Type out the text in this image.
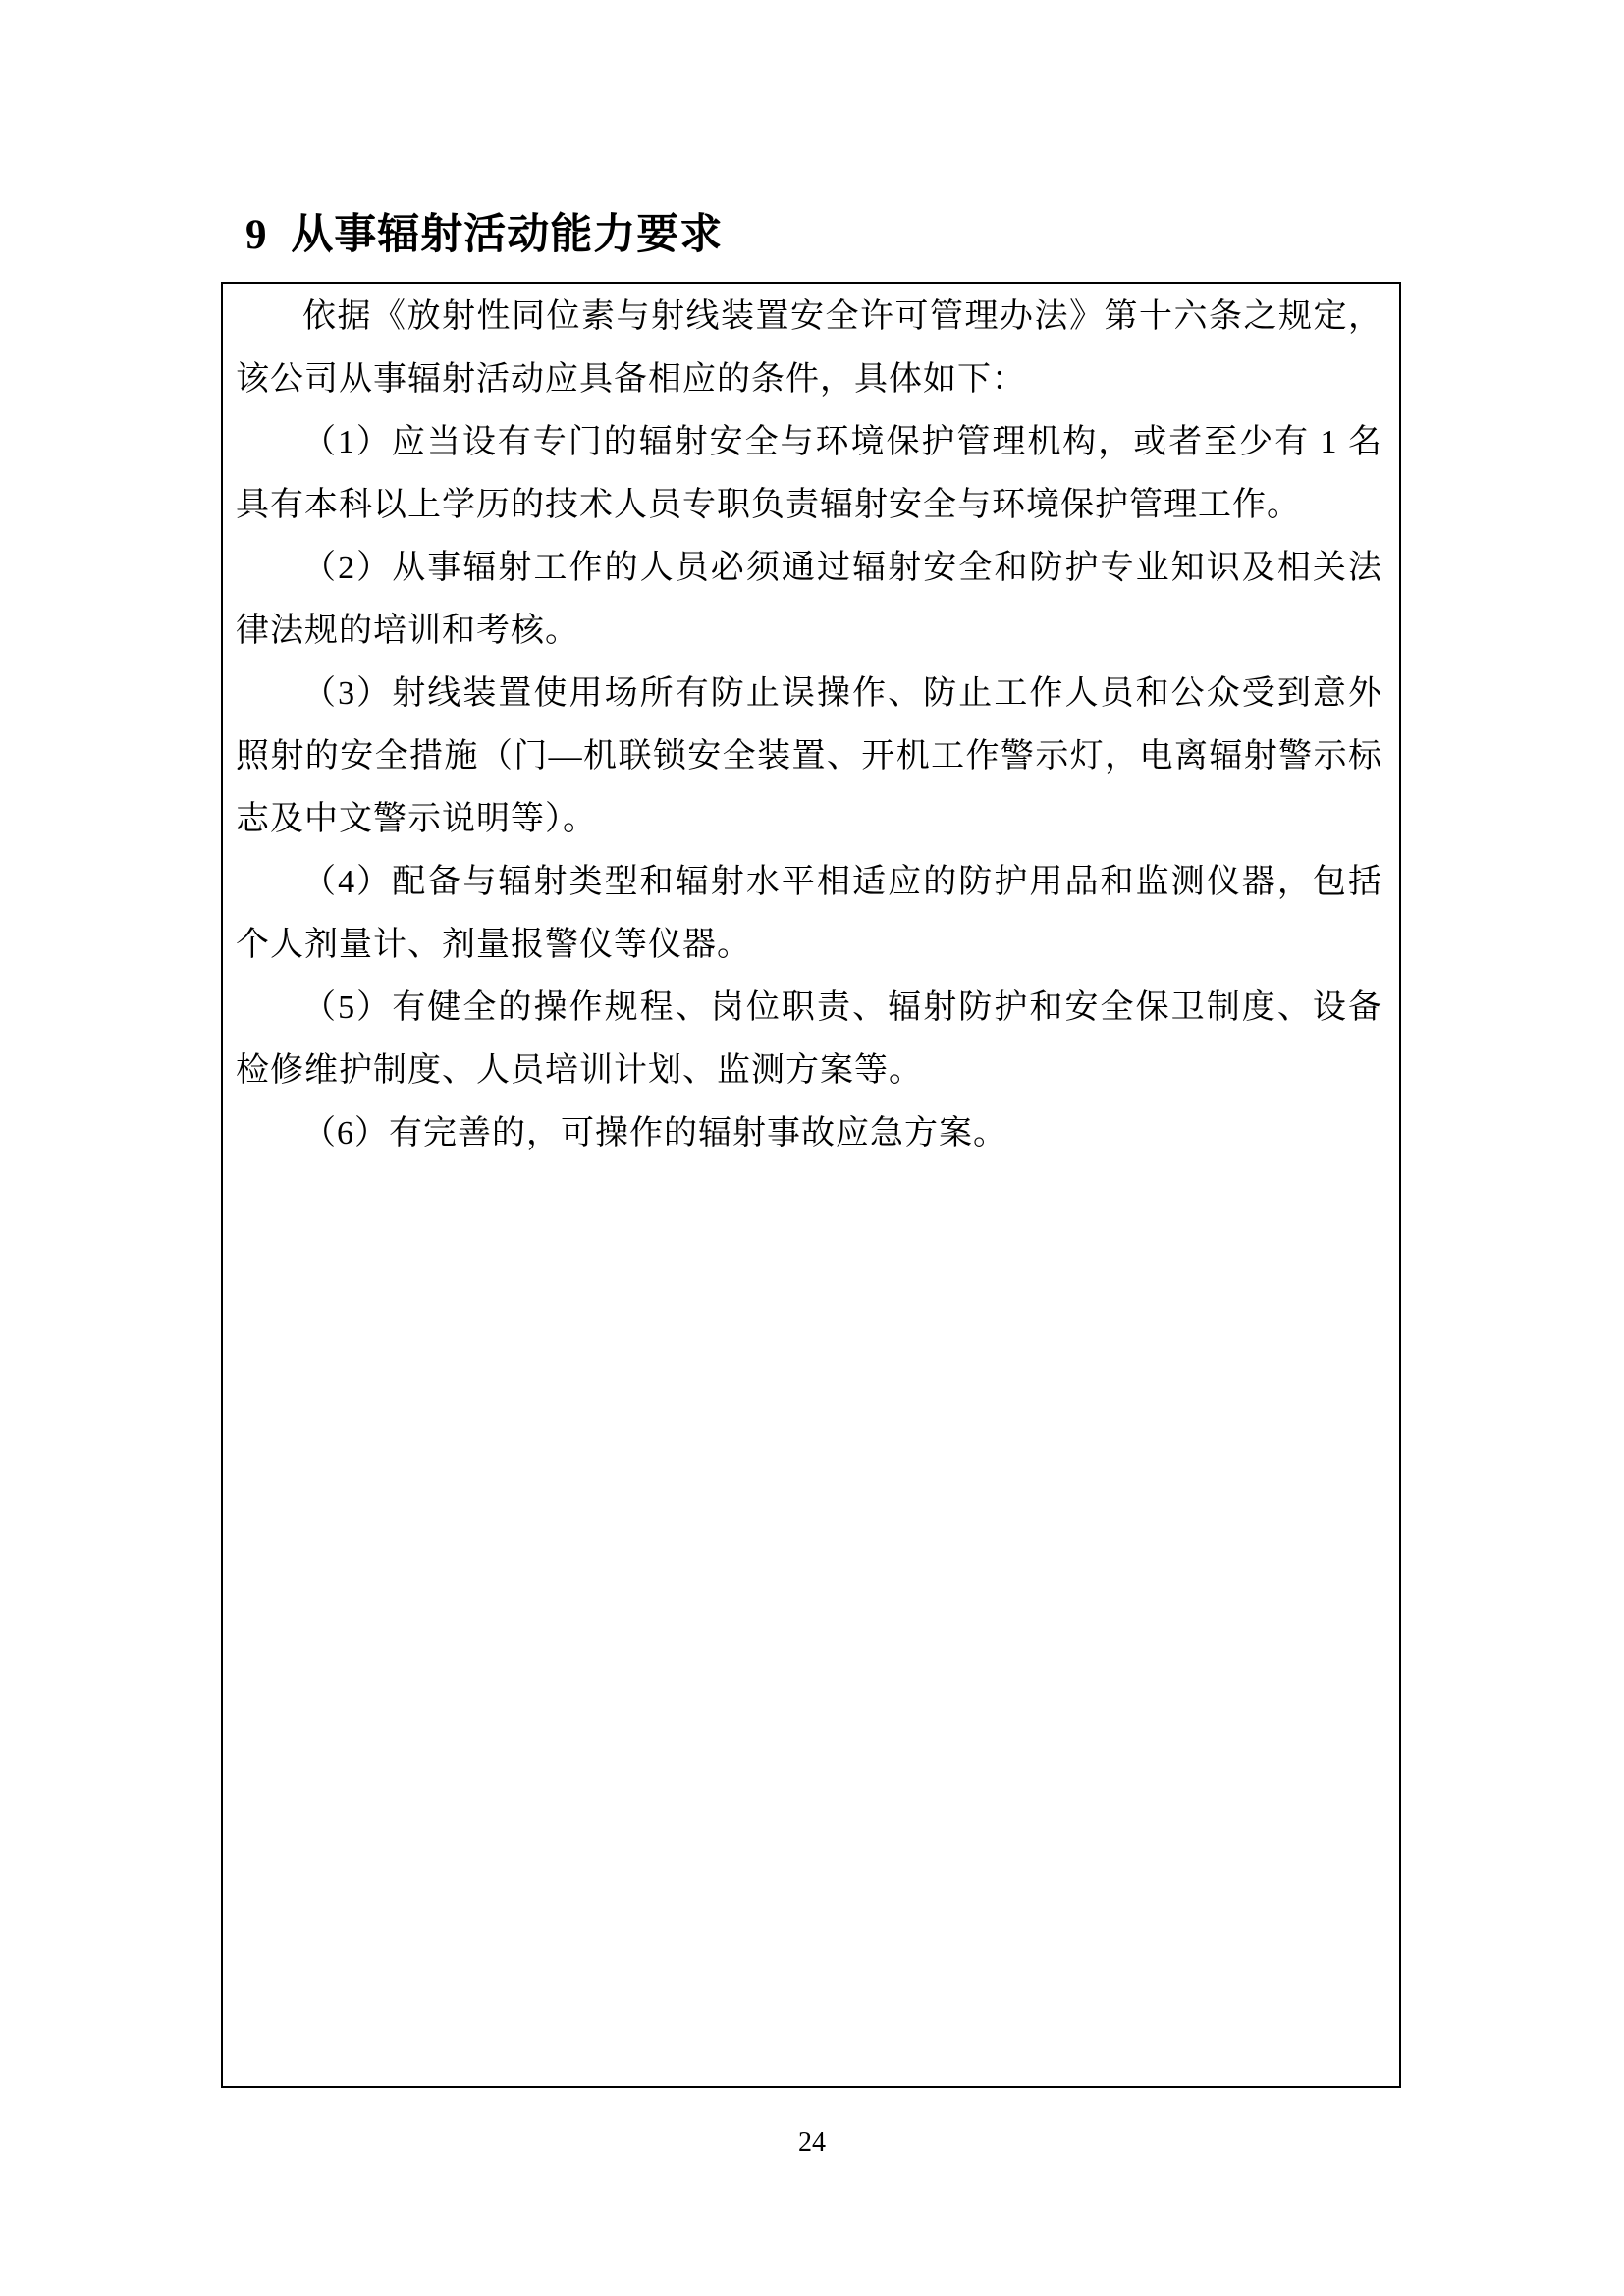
9 从事辐射活动能力要求

依据《放射性同位素与射线装置安全许可管理办法》第十六条之规定，该公司从事辐射活动应具备相应的条件，具体如下：

（1）应当设有专门的辐射安全与环境保护管理机构，或者至少有 1 名具有本科以上学历的技术人员专职负责辐射安全与环境保护管理工作。

（2）从事辐射工作的人员必须通过辐射安全和防护专业知识及相关法律法规的培训和考核。

（3）射线装置使用场所有防止误操作、防止工作人员和公众受到意外照射的安全措施（门—机联锁安全装置、开机工作警示灯，电离辐射警示标志及中文警示说明等）。

（4）配备与辐射类型和辐射水平相适应的防护用品和监测仪器，包括个人剂量计、剂量报警仪等仪器。

（5）有健全的操作规程、岗位职责、辐射防护和安全保卫制度、设备检修维护制度、人员培训计划、监测方案等。

（6）有完善的，可操作的辐射事故应急方案。

24
